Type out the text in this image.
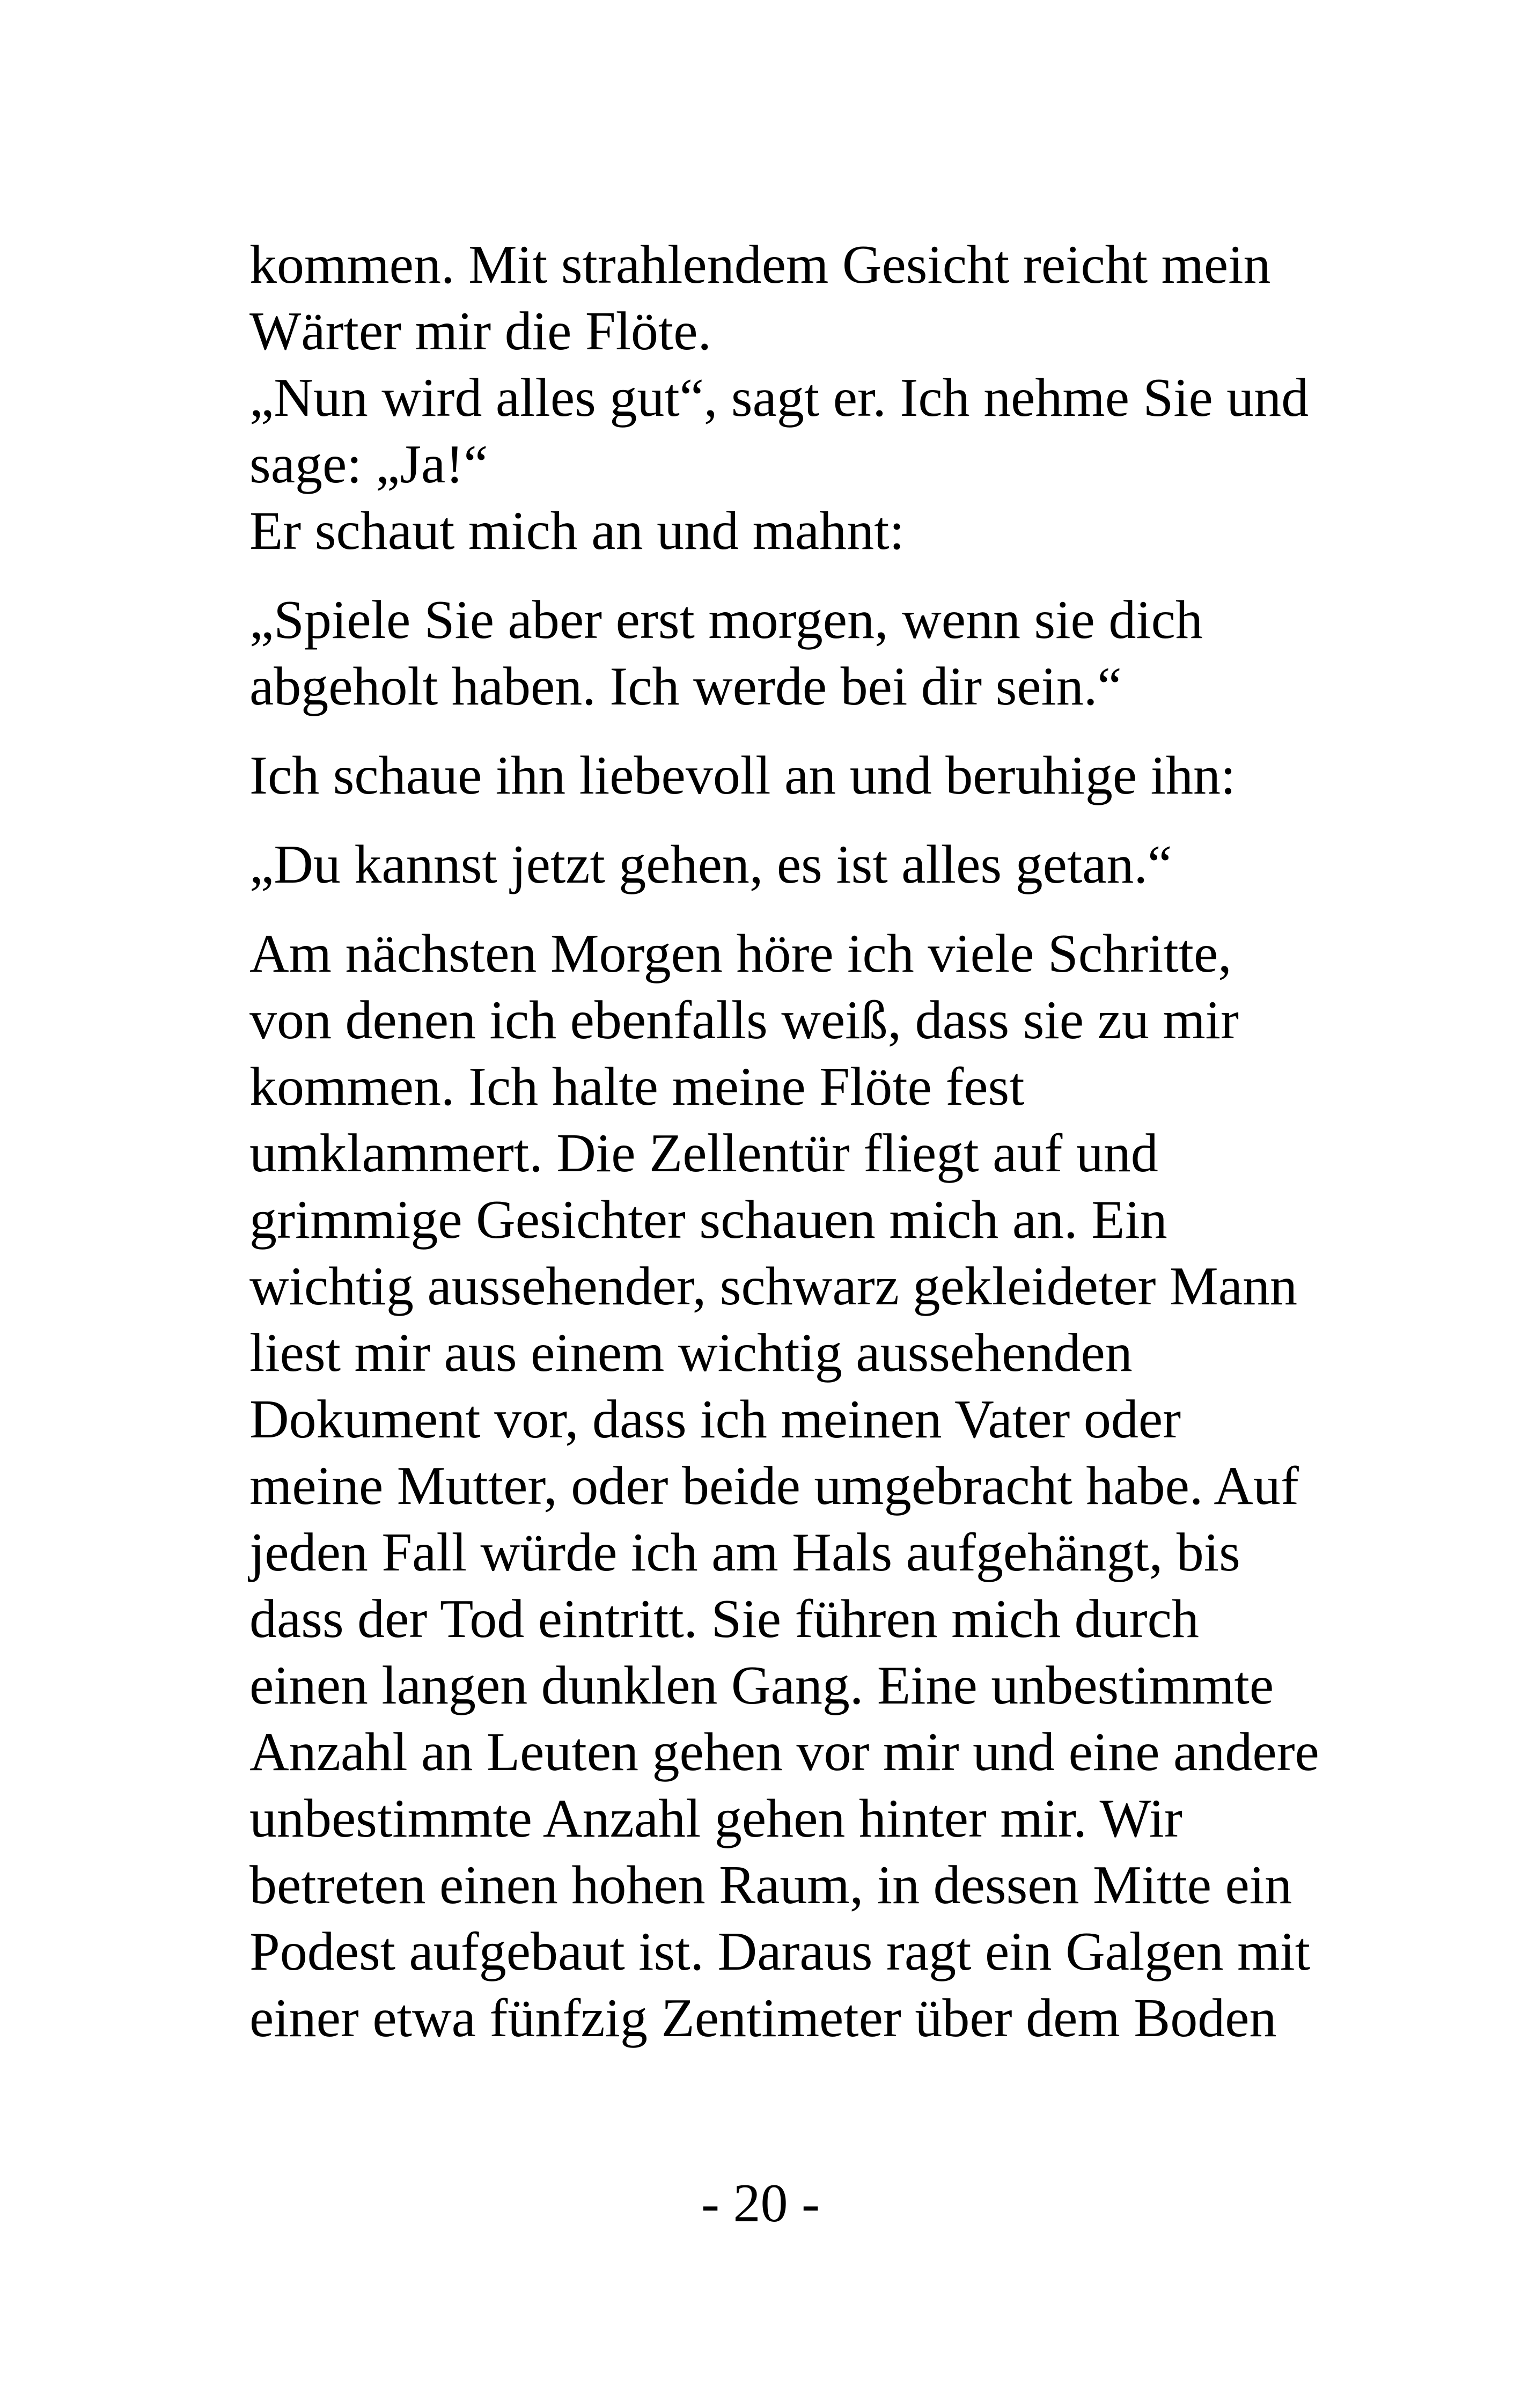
kommen. Mit strahlendem Gesicht reicht mein
Wärter mir die Flöte.

„Nun wird alles gut“, sagt er. Ich nehme Sie und
sage: „Ja!“

Er schaut mich an und mahnt:

„Spiele Sie aber erst morgen, wenn sie dich
abgeholt haben. Ich werde bei dir sein.“

Ich schaue ihn liebevoll an und beruhige ihn:

„Du kannst jetzt gehen, es ist alles getan.“

Am nächsten Morgen höre ich viele Schritte,
von denen ich ebenfalls weiß, dass sie zu mir
kommen. Ich halte meine Flöte fest
umklammert. Die Zellentür fliegt auf und
grimmige Gesichter schauen mich an. Ein
wichtig aussehender, schwarz gekleideter Mann
liest mir aus einem wichtig aussehenden
Dokument vor, dass ich meinen Vater oder
meine Mutter, oder beide umgebracht habe. Auf
jeden Fall würde ich am Hals aufgehängt, bis
dass der Tod eintritt. Sie führen mich durch
einen langen dunklen Gang. Eine unbestimmte
Anzahl an Leuten gehen vor mir und eine andere
unbestimmte Anzahl gehen hinter mir. Wir
betreten einen hohen Raum, in dessen Mitte ein
Podest aufgebaut ist. Daraus ragt ein Galgen mit
einer etwa fünfzig Zentimeter über dem Boden

- 20 -
